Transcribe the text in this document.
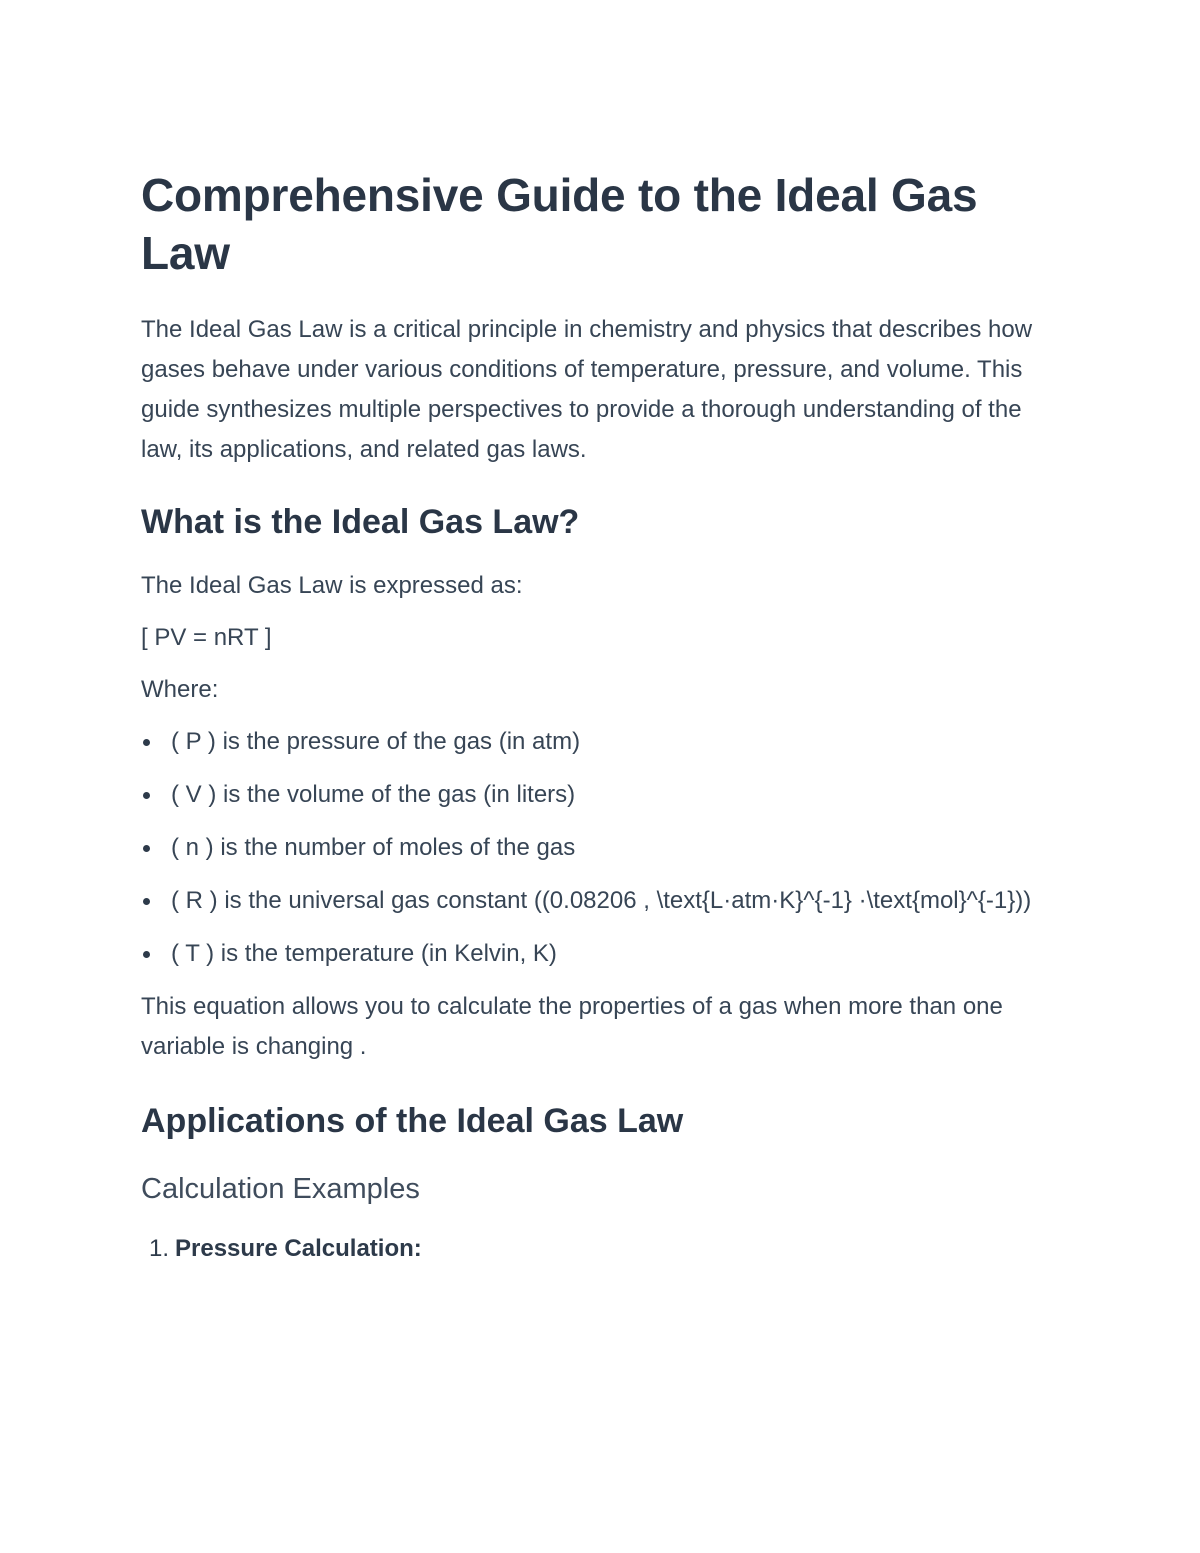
Comprehensive Guide to the Ideal Gas Law

The Ideal Gas Law is a critical principle in chemistry and physics that describes how gases behave under various conditions of temperature, pressure, and volume. This guide synthesizes multiple perspectives to provide a thorough understanding of the law, its applications, and related gas laws.

What is the Ideal Gas Law?

The Ideal Gas Law is expressed as:

[ PV = nRT ]

Where:

( P ) is the pressure of the gas (in atm)
( V ) is the volume of the gas (in liters)
( n ) is the number of moles of the gas
( R ) is the universal gas constant ((0.08206 , \text{L·atm·K}^{-1} ·\text{mol}^{-1}))
( T ) is the temperature (in Kelvin, K)

This equation allows you to calculate the properties of a gas when more than one variable is changing .

Applications of the Ideal Gas Law
Calculation Examples
1. Pressure Calculation:
